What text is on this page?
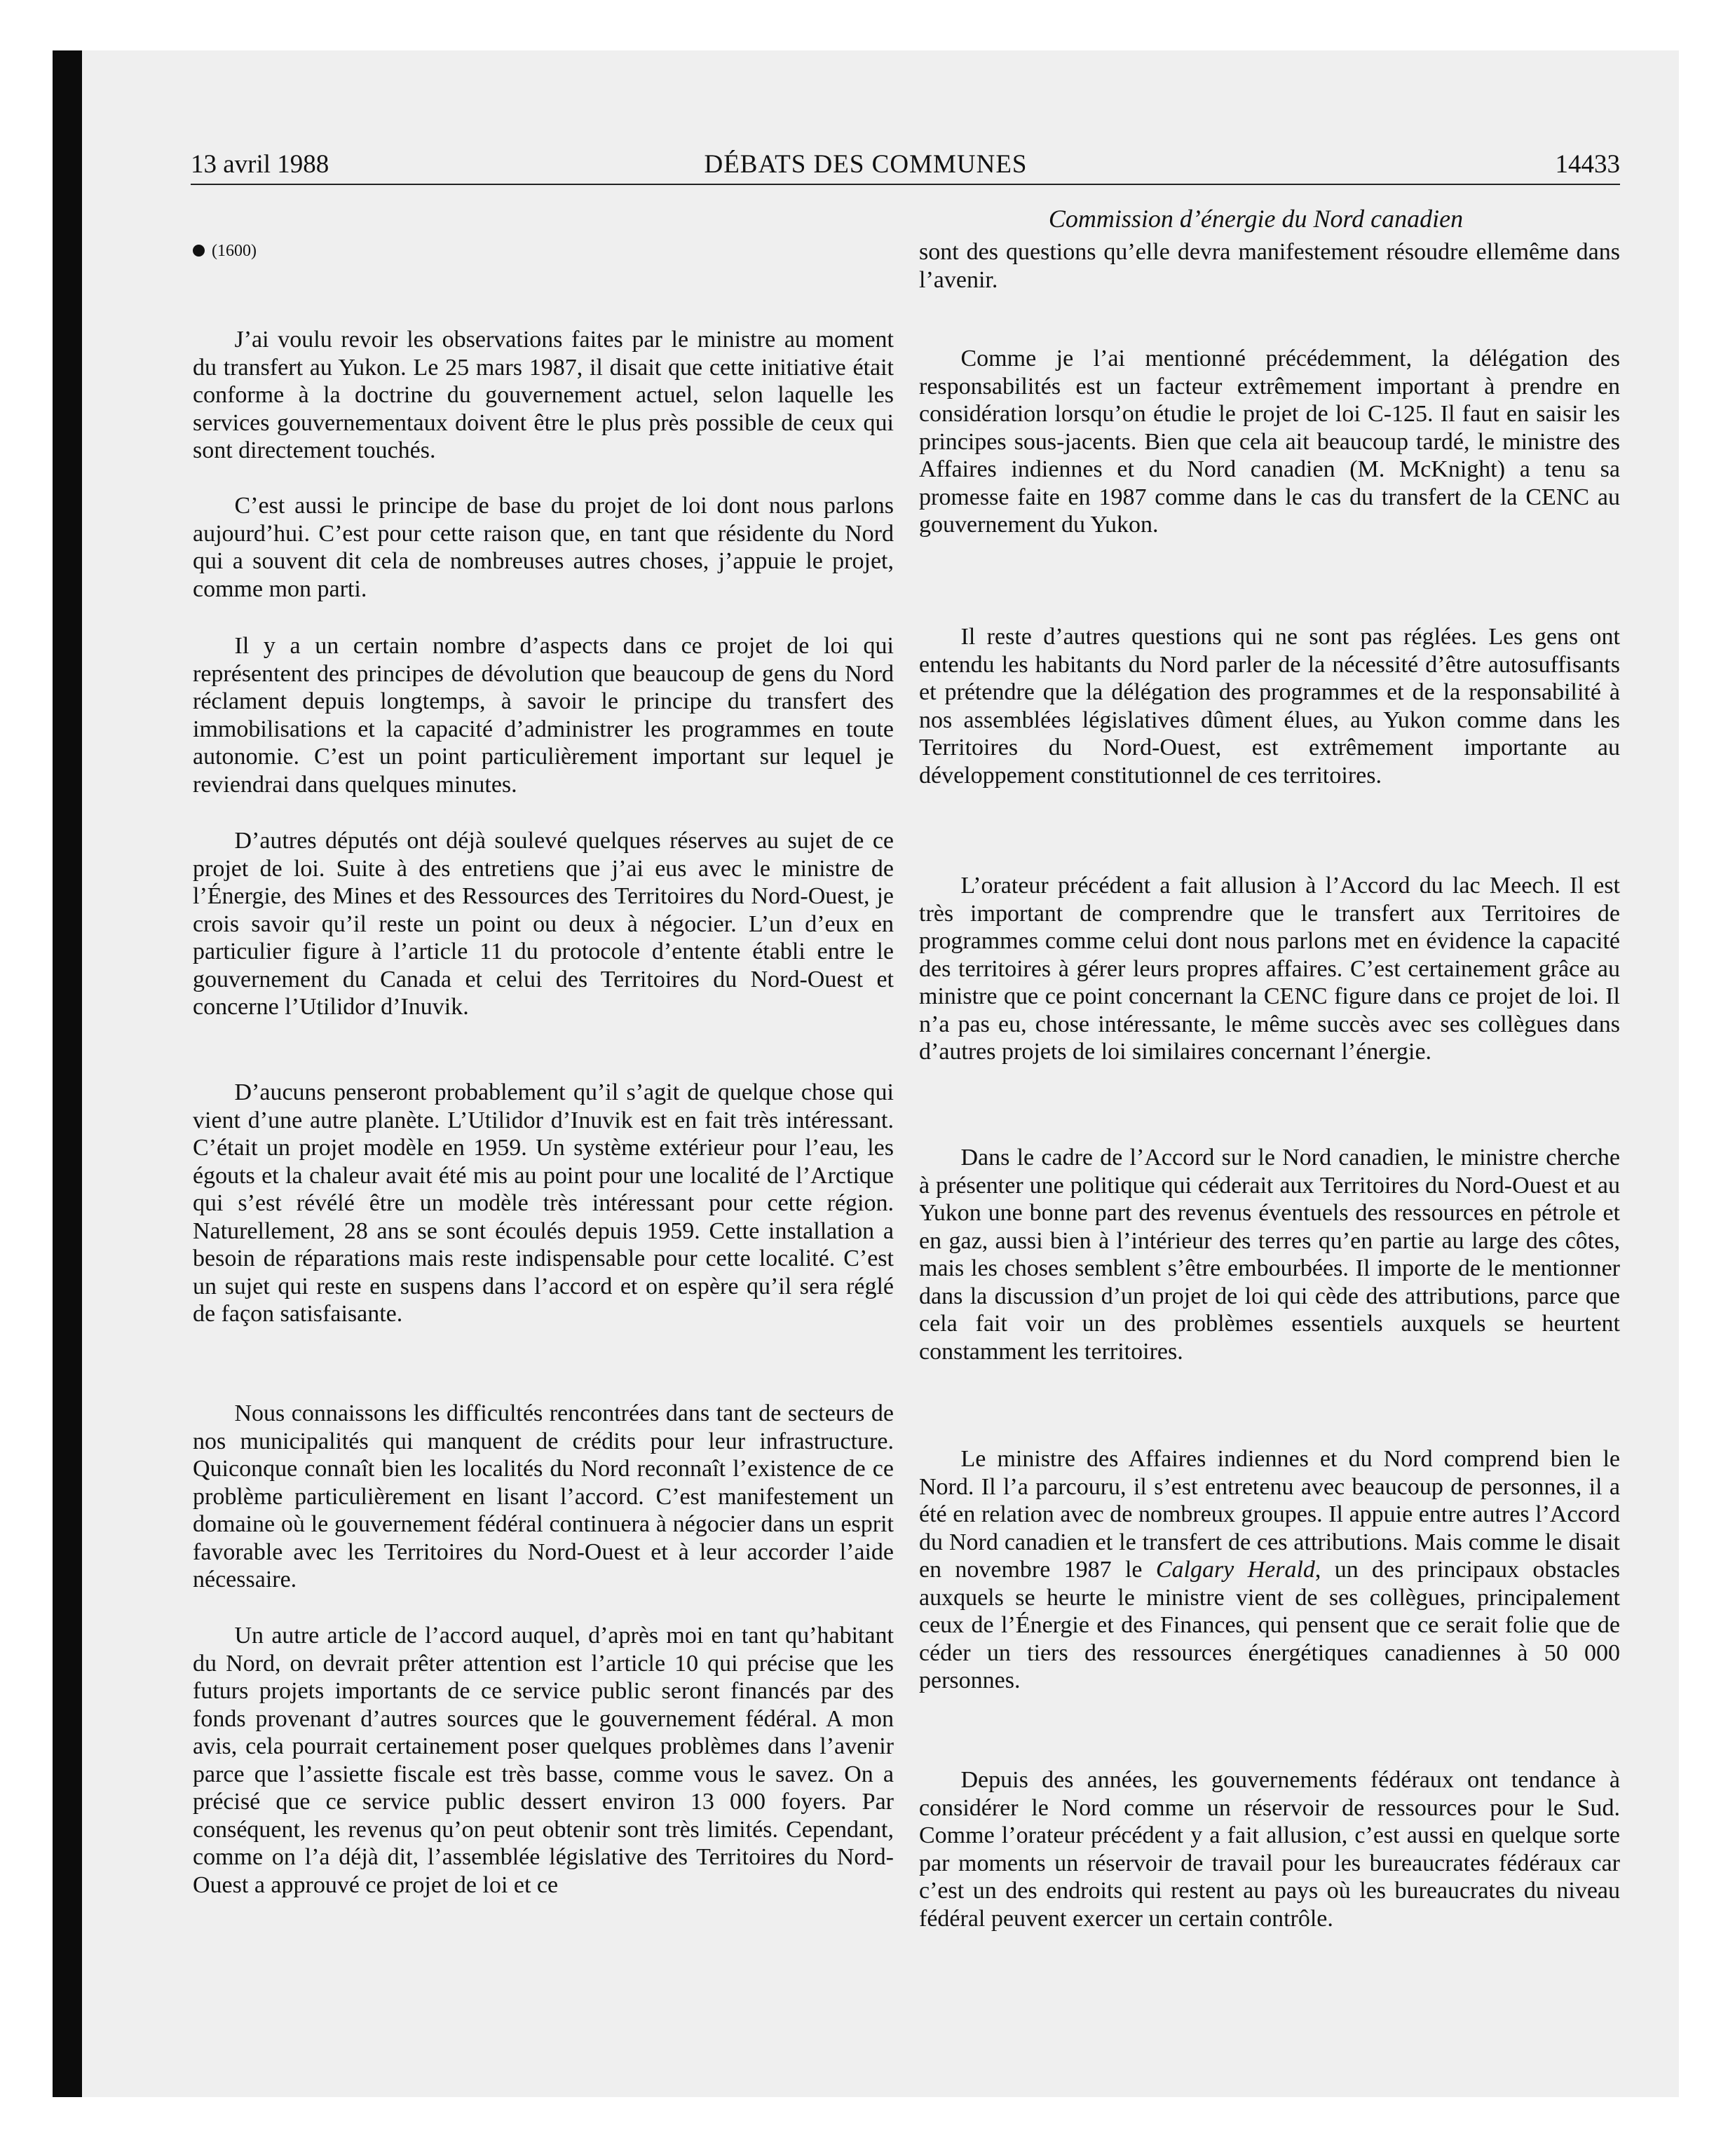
13 avril 1988	DÉBATS DES COMMUNES	14433
Commission d’énergie du Nord canadien
(1600)

J’ai voulu revoir les observations faites par le ministre au moment du transfert au Yukon. Le 25 mars 1987, il disait que cette initiative était conforme à la doctrine du gouvernement actuel, selon laquelle les services gouvernementaux doivent être le plus près possible de ceux qui sont directement touchés.

C’est aussi le principe de base du projet de loi dont nous parlons aujourd’hui. C’est pour cette raison que, en tant que résidente du Nord qui a souvent dit cela de nombreuses autres choses, j’appuie le projet, comme mon parti.

Il y a un certain nombre d’aspects dans ce projet de loi qui représentent des principes de dévolution que beaucoup de gens du Nord réclament depuis longtemps, à savoir le principe du transfert des immobilisations et la capacité d’administrer les programmes en toute autonomie. C’est un point particulièrement important sur lequel je reviendrai dans quelques minutes.

D’autres députés ont déjà soulevé quelques réserves au sujet de ce projet de loi. Suite à des entretiens que j’ai eus avec le ministre de l’Énergie, des Mines et des Ressources des Territoires du Nord-Ouest, je crois savoir qu’il reste un point ou deux à négocier. L’un d’eux en particulier figure à l’article 11 du protocole d’entente établi entre le gouvernement du Canada et celui des Territoires du Nord-Ouest et concerne l’Utilidor d’Inuvik.

D’aucuns penseront probablement qu’il s’agit de quelque chose qui vient d’une autre planète. L’Utilidor d’Inuvik est en fait très intéressant. C’était un projet modèle en 1959. Un système extérieur pour l’eau, les égouts et la chaleur avait été mis au point pour une localité de l’Arctique qui s’est révélé être un modèle très intéressant pour cette région. Naturellement, 28 ans se sont écoulés depuis 1959. Cette installation a besoin de réparations mais reste indispensable pour cette localité. C’est un sujet qui reste en suspens dans l’accord et on espère qu’il sera réglé de façon satisfaisante.

Nous connaissons les difficultés rencontrées dans tant de secteurs de nos municipalités qui manquent de crédits pour leur infrastructure. Quiconque connaît bien les localités du Nord reconnaît l’existence de ce problème particulièrement en lisant l’accord. C’est manifestement un domaine où le gouvernement fédéral continuera à négocier dans un esprit favorable avec les Territoires du Nord-Ouest et à leur accorder l’aide nécessaire.

Un autre article de l’accord auquel, d’après moi en tant qu’habitant du Nord, on devrait prêter attention est l’article 10 qui précise que les futurs projets importants de ce service public seront financés par des fonds provenant d’autres sources que le gouvernement fédéral. A mon avis, cela pourrait certainement poser quelques problèmes dans l’avenir parce que l’assiette fiscale est très basse, comme vous le savez. On a précisé que ce service public dessert environ 13 000 foyers. Par conséquent, les revenus qu’on peut obtenir sont très limités. Cependant, comme on l’a déjà dit, l’assemblée législative des Territoires du Nord-Ouest a approuvé ce projet de loi et ce

sont des questions qu’elle devra manifestement résoudre ellemême dans l’avenir.

Comme je l’ai mentionné précédemment, la délégation des responsabilités est un facteur extrêmement important à prendre en considération lorsqu’on étudie le projet de loi C-125. Il faut en saisir les principes sous-jacents. Bien que cela ait beaucoup tardé, le ministre des Affaires indiennes et du Nord canadien (M. McKnight) a tenu sa promesse faite en 1987 comme dans le cas du transfert de la CENC au gouvernement du Yukon.

Il reste d’autres questions qui ne sont pas réglées. Les gens ont entendu les habitants du Nord parler de la nécessité d’être autosuffisants et prétendre que la délégation des programmes et de la responsabilité à nos assemblées législatives dûment élues, au Yukon comme dans les Territoires du Nord-Ouest, est extrêmement importante au développement constitutionnel de ces territoires.

L’orateur précédent a fait allusion à l’Accord du lac Meech. Il est très important de comprendre que le transfert aux Territoires de programmes comme celui dont nous parlons met en évidence la capacité des territoires à gérer leurs propres affaires. C’est certainement grâce au ministre que ce point concernant la CENC figure dans ce projet de loi. Il n’a pas eu, chose intéressante, le même succès avec ses collègues dans d’autres projets de loi similaires concernant l’énergie.

Dans le cadre de l’Accord sur le Nord canadien, le ministre cherche à présenter une politique qui céderait aux Territoires du Nord-Ouest et au Yukon une bonne part des revenus éventuels des ressources en pétrole et en gaz, aussi bien à l’intérieur des terres qu’en partie au large des côtes, mais les choses semblent s’être embourbées. Il importe de le mentionner dans la discussion d’un projet de loi qui cède des attributions, parce que cela fait voir un des problèmes essentiels auxquels se heurtent constamment les territoires.

Le ministre des Affaires indiennes et du Nord comprend bien le Nord. Il l’a parcouru, il s’est entretenu avec beaucoup de personnes, il a été en relation avec de nombreux groupes. Il appuie entre autres l’Accord du Nord canadien et le transfert de ces attributions. Mais comme le disait en novembre 1987 le Calgary Herald, un des principaux obstacles auxquels se heurte le ministre vient de ses collègues, principalement ceux de l’Énergie et des Finances, qui pensent que ce serait folie que de céder un tiers des ressources énergétiques canadiennes à 50 000 personnes.

Depuis des années, les gouvernements fédéraux ont tendance à considérer le Nord comme un réservoir de ressources pour le Sud. Comme l’orateur précédent y a fait allusion, c’est aussi en quelque sorte par moments un réservoir de travail pour les bureaucrates fédéraux car c’est un des endroits qui restent au pays où les bureaucrates du niveau fédéral peuvent exercer un certain contrôle.
